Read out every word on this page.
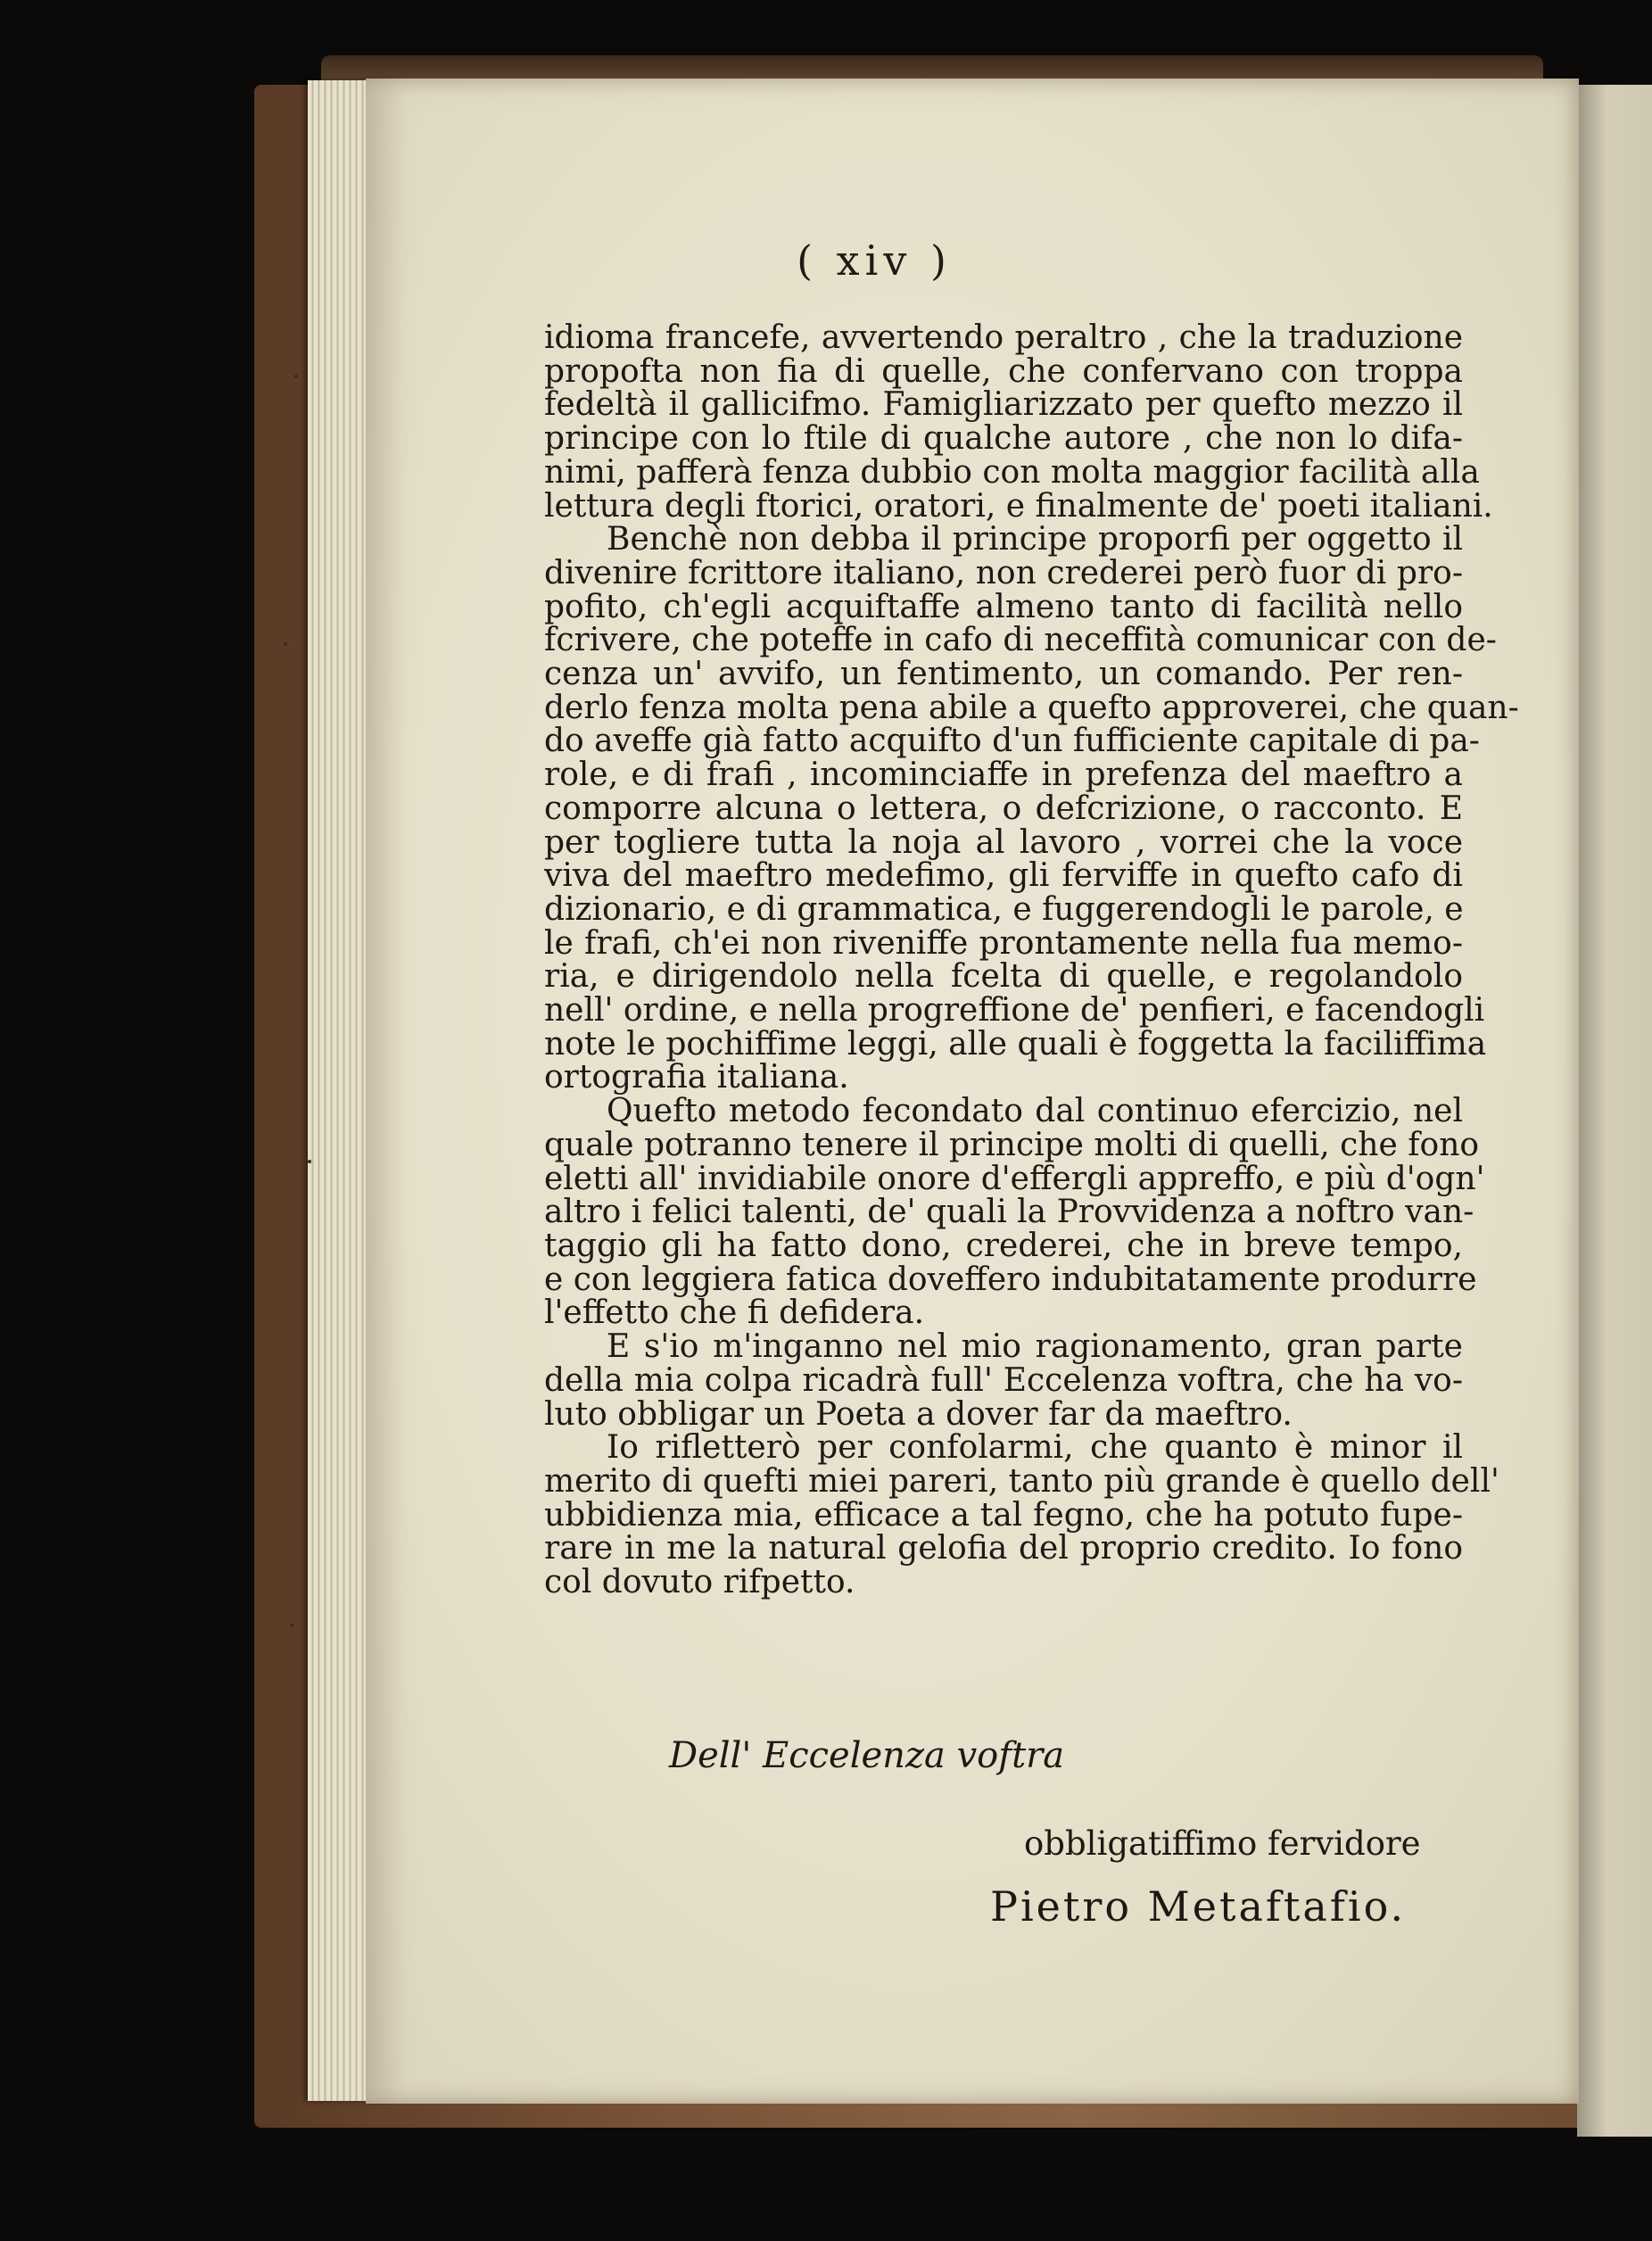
( xiv )

idioma francefe, avvertendo peraltro , che la traduzione
propofta non fia di quelle, che confervano con troppa
fedeltà il gallicifmo. Famigliarizzato per quefto mezzo il
principe con lo ftile di qualche autore , che non lo difa-
nimi, pafferà fenza dubbio con molta maggior facilità alla
lettura degli ftorici, oratori, e finalmente de' poeti italiani.

Benchè non debba il principe proporfi per oggetto il
divenire fcrittore italiano, non crederei però fuor di pro-
pofito, ch'egli acquiftaffe almeno tanto di facilità nello
fcrivere, che poteffe in cafo di neceffità comunicar con de-
cenza un' avvifo, un fentimento, un comando. Per ren-
derlo fenza molta pena abile a quefto approverei, che quan-
do aveffe già fatto acquifto d'un fufficiente capitale di pa-
role, e di frafi , incominciaffe in prefenza del maeftro a
comporre alcuna o lettera, o defcrizione, o racconto. E
per togliere tutta la noja al lavoro , vorrei che la voce
viva del maeftro medefimo, gli ferviffe in quefto cafo di
dizionario, e di grammatica, e fuggerendogli le parole, e
le frafi, ch'ei non riveniffe prontamente nella fua memo-
ria, e dirigendolo nella fcelta di quelle, e regolandolo
nell' ordine, e nella progreffione de' penfieri, e facendogli
note le pochiffime leggi, alle quali è foggetta la faciliffima
ortografia italiana.

Quefto metodo fecondato dal continuo efercizio, nel
quale potranno tenere il principe molti di quelli, che fono
eletti all' invidiabile onore d'effergli appreffo, e più d'ogn'
altro i felici talenti, de' quali la Provvidenza a noftro van-
taggio gli ha fatto dono, crederei, che in breve tempo,
e con leggiera fatica doveffero indubitatamente produrre
l'effetto che fi defidera.

E s'io m'inganno nel mio ragionamento, gran parte
della mia colpa ricadrà full' Eccelenza voftra, che ha vo-
luto obbligar un Poeta a dover far da maeftro.

Io rifletterò per confolarmi, che quanto è minor il
merito di quefti miei pareri, tanto più grande è quello dell'
ubbidienza mia, efficace a tal fegno, che ha potuto fupe-
rare in me la natural gelofia del proprio credito. Io fono
col dovuto rifpetto.

Dell' Eccelenza voftra
obbligatiffimo fervidore
Pietro Metaftafio.
